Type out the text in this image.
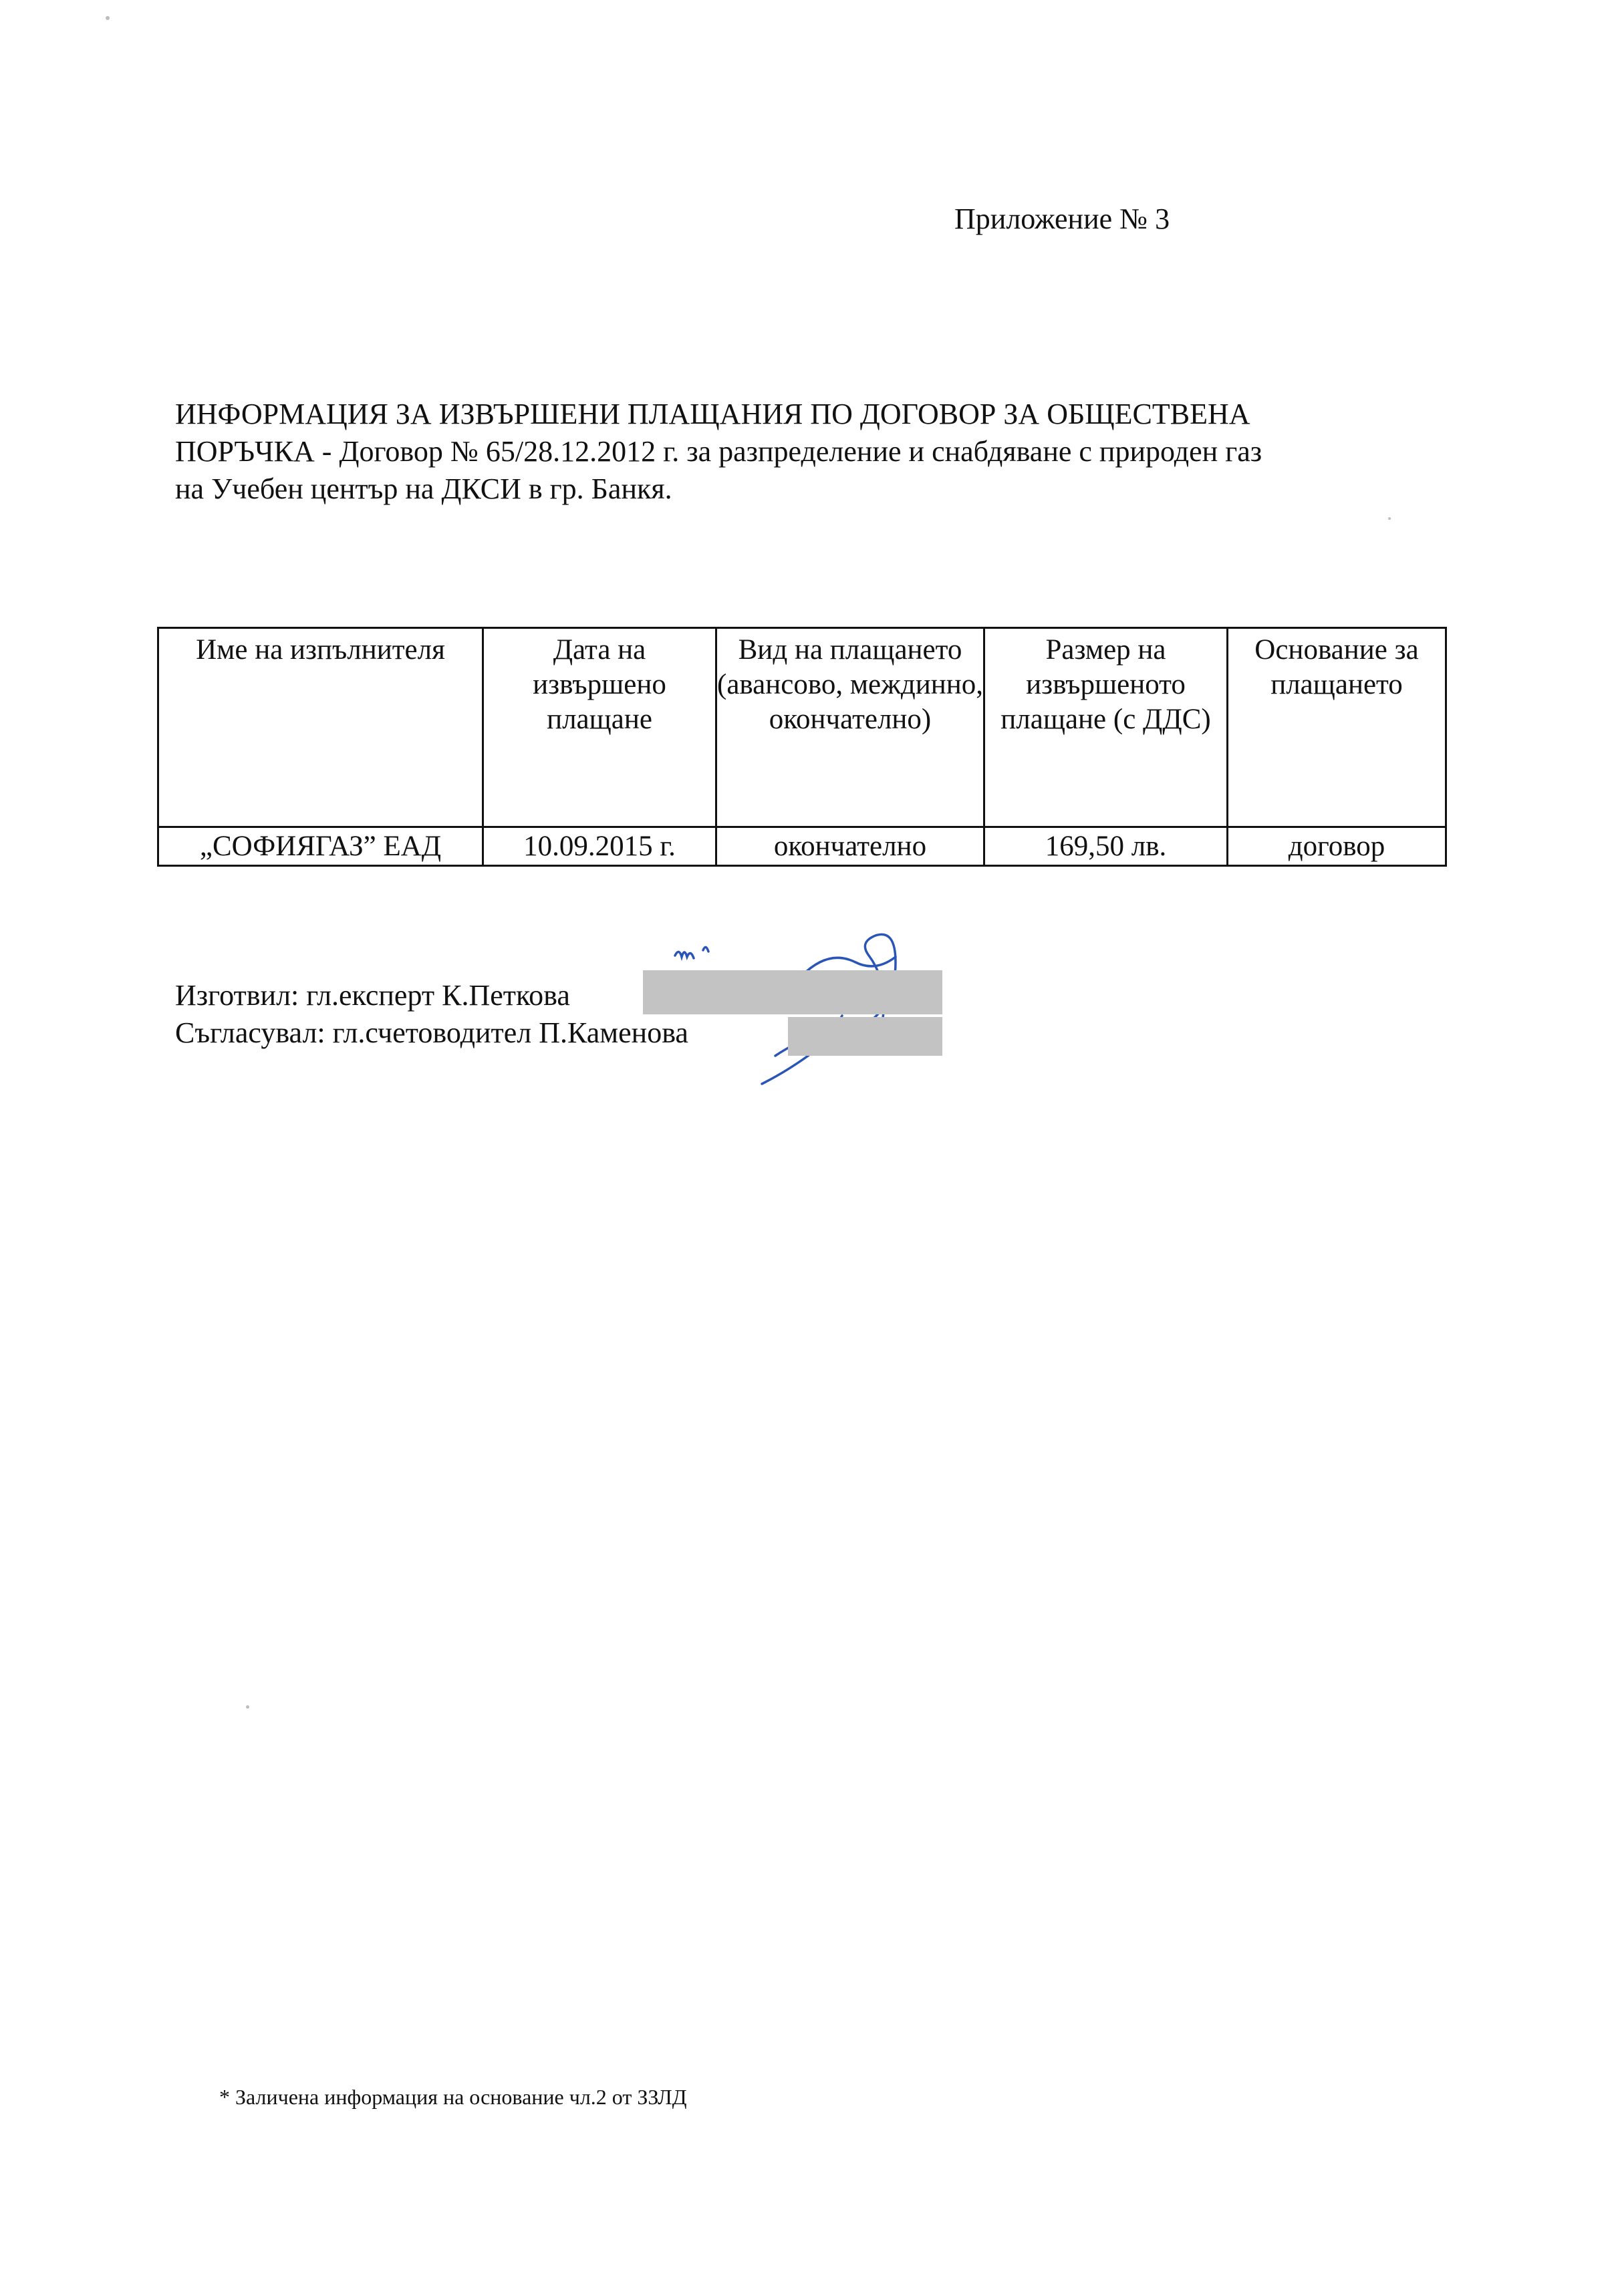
Приложение № 3
ИНФОРМАЦИЯ ЗА ИЗВЪРШЕНИ ПЛАЩАНИЯ ПО ДОГОВОР ЗА ОБЩЕСТВЕНА
ПОРЪЧКА - Договор № 65/28.12.2012 г. за разпределение и снабдяване с природен газ
на Учебен център на ДКСИ в гр. Банкя.
Име на изпълнителя	Дата на извършено плащане	Вид на плащането (авансово, междинно, окончателно)	Размер на извършеното плащане (с ДДС)	Основание за плащането
„СОФИЯГАЗ” ЕАД	10.09.2015 г.	окончателно	169,50 лв.	договор
Изготвил: гл.експерт К.Петкова
Съгласувал: гл.счетоводител П.Каменова
* Заличена информация на основание чл.2 от ЗЗЛД
